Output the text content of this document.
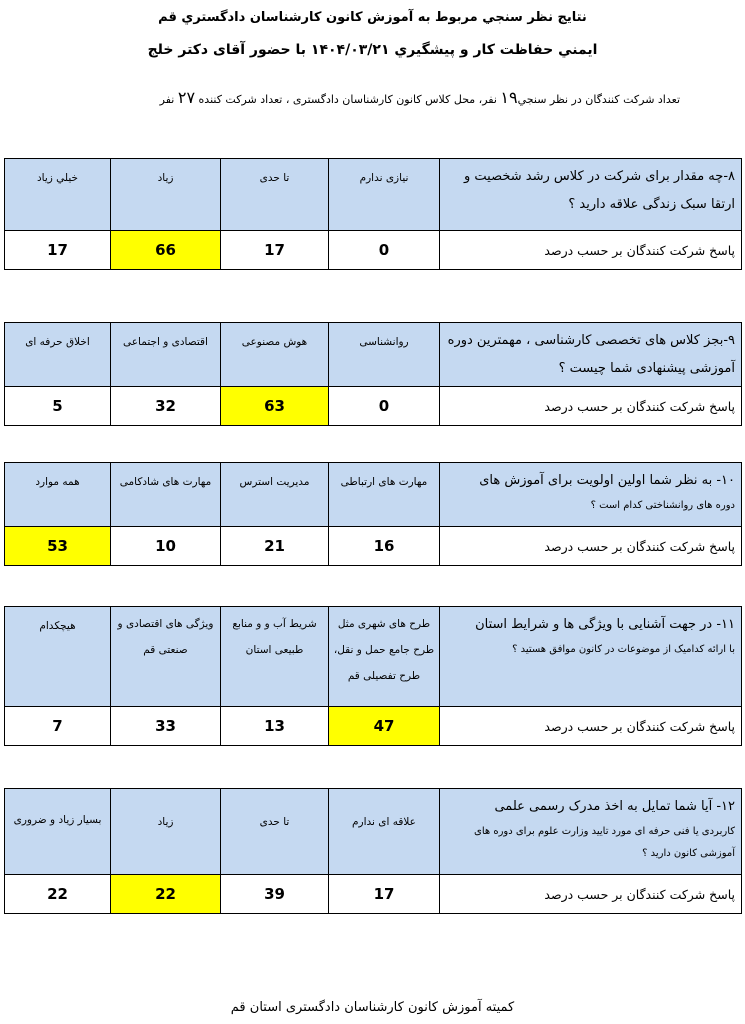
نتایج نظر سنجي مربوط به آموزش کانون کارشناسان دادگستري قم
ايمني حفاظت کار و پيشگيري ۱۴۰۴/۰۳/۲۱ با حضور آقای دکتر خلج
تعداد شرکت کنندگان در نظر سنجي۱۹ نفر، محل کلاس کانون کارشناسان دادگستری ، تعداد شرکت کننده ۲۷ نفر
۸-چه مقدار برای شرکت در کلاس رشد شخصيت و ارتقا سبک زندگی علاقه دارید ؟	نيازی ندارم	تا حدی	زیاد	خيلي زياد
پاسخ شرکت کنندگان بر حسب درصد	0	17	66	17
۹-بجز کلاس های تخصصی کارشناسی ، مهمترین دوره آموزشی پیشنهادی شما چیست ؟	روانشناسی	هوش مصنوعی	اقتصادی و اجتماعی	اخلاق حرفه ای
پاسخ شرکت کنندگان بر حسب درصد	0	63	32	5
۱۰- به نظر شما اولين اولويت برای آموزش های
دوره های روانشناختی کدام است ؟	مهارت های ارتباطی	مدیریت استرس	مهارت های شادکامی	همه موارد
پاسخ شرکت کنندگان بر حسب درصد	16	21	10	53
۱۱- در جهت آشنایی با ويژگی ها و شرايط استان
با ارائه کدامیک از موضوعات در کانون موافق هستید ؟	طرح های شهری مثل طرح جامع حمل و نقل، طرح تفصیلی قم	شریط آب و و منابع طبیعی استان	ویژگی های اقتصادی و صنعتی قم	هیچکدام
پاسخ شرکت کنندگان بر حسب درصد	47	13	33	7
۱۲- آیا شما تمایل به اخذ مدرک رسمی علمی
کاربردی يا فنی حرفه ای مورد تایید وزارت علوم برای دوره های آموزشی کانون دارید ؟	علاقه ای ندارم	تا حدی	زیاد	بسیار زیاد و ضروری
پاسخ شرکت کنندگان بر حسب درصد	17	39	22	22
کميته آموزش کانون کارشناسان دادگستری استان قم
